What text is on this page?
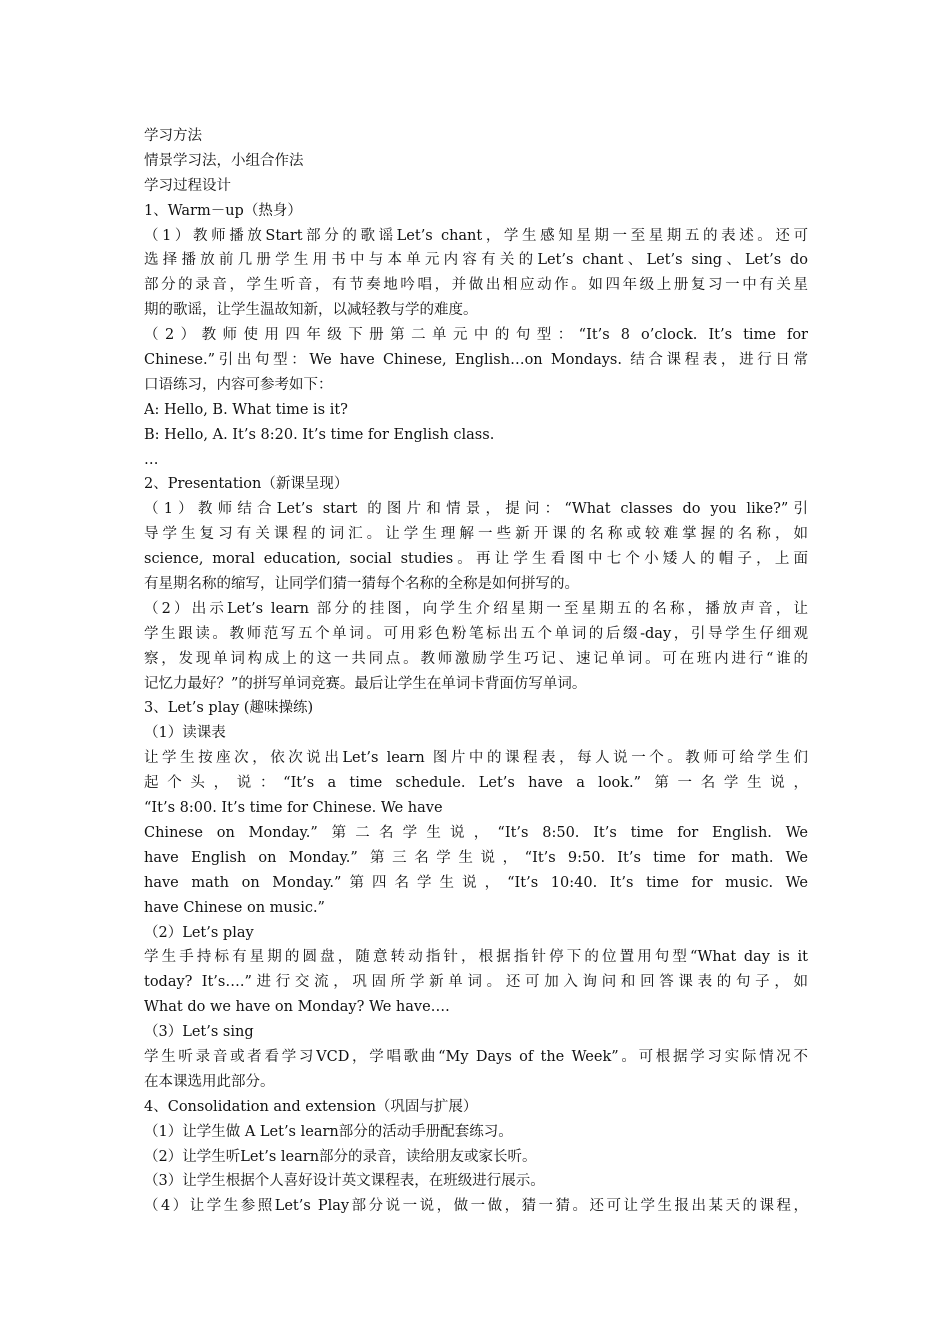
学习方法
情景学习法，小组合作法
学习过程设计
1、Warm－up（热身）
（1）教师播放Start部分的歌谣Let’s chant，学生感知星期一至星期五的表述。还可
选择播放前几册学生用书中与本单元内容有关的Let’s chant、Let’s sing、Let’s do
部分的录音，学生听音，有节奏地吟唱，并做出相应动作。如四年级上册复习一中有关星
期的歌谣，让学生温故知新，以减轻教与学的难度。
（2）教师使用四年级下册第二单元中的句型：“It’s 8 o’clock. It’s time for
Chinese.”引出句型：We have Chinese, English…on Mondays. 结合课程表，进行日常
口语练习，内容可参考如下：
A: Hello, B. What time is it?
B: Hello, A. It’s 8:20. It’s time for English class.
…
2、Presentation（新课呈现）
（1）教师结合Let’s start 的图片和情景，提问：“What classes do you like?”引
导学生复习有关课程的词汇。让学生理解一些新开课的名称或较难掌握的名称，如
science, moral education, social studies。再让学生看图中七个小矮人的帽子，上面
有星期名称的缩写，让同学们猜一猜每个名称的全称是如何拼写的。
（2）出示Let’s learn 部分的挂图，向学生介绍星期一至星期五的名称，播放声音，让
学生跟读。教师范写五个单词。可用彩色粉笔标出五个单词的后缀-day，引导学生仔细观
察，发现单词构成上的这一共同点。教师激励学生巧记、速记单词。可在班内进行“谁的
记忆力最好？”的拼写单词竞赛。最后让学生在单词卡背面仿写单词。
3、Let’s play (趣味操练)
（1）读课表
让学生按座次，依次说出Let’s learn 图片中的课程表，每人说一个。教师可给学生们
起个头，说：“It’s a time schedule. Let’s have a look.” 第一名学生说，
“It’s 8:00. It’s time for Chinese. We have
Chinese on Monday.” 第二名学生说，“It’s 8:50. It’s time for English. We
have English on Monday.” 第三名学生说，“It’s 9:50. It’s time for math. We
have math on Monday.”第四名学生说，“It’s 10:40. It’s time for music. We
have Chinese on music.”
（2）Let’s play
学生手持标有星期的圆盘，随意转动指针，根据指针停下的位置用句型“What day is it
today? It’s….”进行交流，巩固所学新单词。还可加入询问和回答课表的句子，如
What do we have on Monday? We have….
（3）Let’s sing
学生听录音或者看学习VCD，学唱歌曲“My Days of the Week”。可根据学习实际情况不
在本课选用此部分。
4、Consolidation and extension（巩固与扩展）
（1）让学生做 A Let’s learn部分的活动手册配套练习。
（2）让学生听Let’s learn部分的录音，读给朋友或家长听。
（3）让学生根据个人喜好设计英文课程表，在班级进行展示。
（4）让学生参照Let’s Play部分说一说，做一做，猜一猜。还可让学生报出某天的课程，
